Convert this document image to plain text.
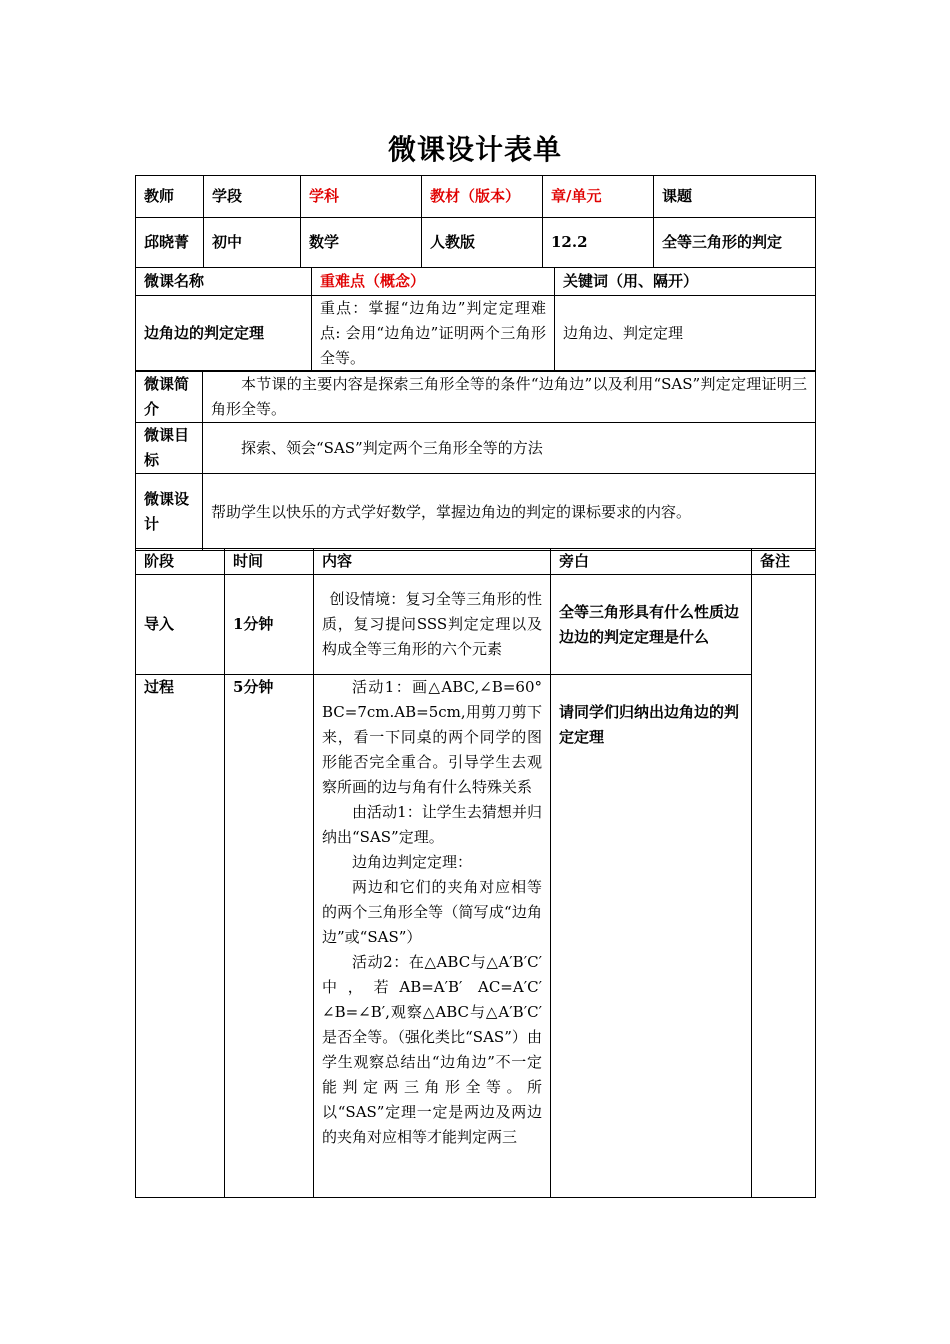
微课设计表单
教师	学段	学科	教材（版本）	章/单元	课题
邱晓菁	初中	数学	人教版	12.2	全等三角形的判定
微课名称	重难点（概念）	关键词（用、隔开）
边角边的判定定理	重点：掌握“边角边”判定定理难点: 会用“边角边”证明两个三角形全等。	边角边、判定定理
微课简介	本节课的主要内容是探索三角形全等的条件“边角边”以及利用“SAS”判定定理证明三角形全等。
微课目标	探索、领会“SAS”判定两个三角形全等的方法
微课设计	帮助学生以快乐的方式学好数学，掌握边角边的判定的课标要求的内容。
阶段	时间	内容	旁白	备注
导入	1分钟	创设情境：复习全等三角形的性质，复习提问SSS判定定理以及构成全等三角形的六个元素	全等三角形具有什么性质边边边的判定定理是什么	
过程	5分钟	活动1：画△ABC,∠B=60° BC=7cm.AB=5cm,用剪刀剪下来，看一下同桌的两个同学的图形能否完全重合。引导学生去观察所画的边与角有什么特殊关系

由活动1：让学生去猜想并归纳出“SAS”定理。

边角边判定定理：

两边和它们的夹角对应相等的两个三角形全等（简写成“边角边”或“SAS”）

活动2：在△ABC与△A′B′C′中，若AB=A′B′ AC=A′C′ ∠B=∠B′,观察△ABC与△A′B′C′是否全等。（强化类比“SAS”）由学生观察总结出“边角边”不一定能判定两三角形全等。所以“SAS”定理一定是两边及两边的夹角对应相等才能判定两三	请同学们归纳出边角边的判定定理	
